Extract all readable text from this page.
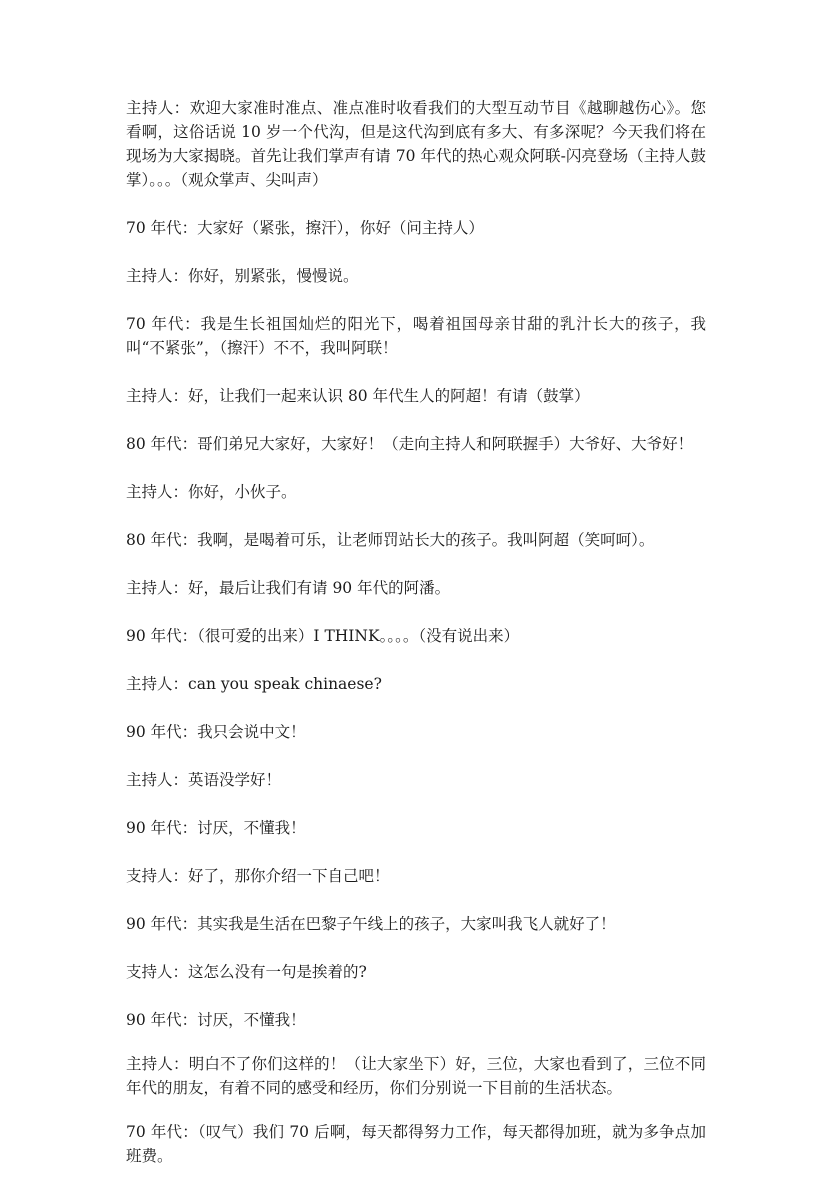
主持人：欢迎大家准时准点、准点准时收看我们的大型互动节目《越聊越伤心》。您看啊，这俗话说 10 岁一个代沟，但是这代沟到底有多大、有多深呢？今天我们将在现场为大家揭晓。首先让我们掌声有请 70 年代的热心观众阿联-闪亮登场（主持人鼓掌）。。。（观众掌声、尖叫声）

70 年代：大家好（紧张，擦汗），你好（问主持人）

主持人：你好，别紧张，慢慢说。

70 年代：我是生长祖国灿烂的阳光下，喝着祖国母亲甘甜的乳汁长大的孩子，我叫“不紧张”，（擦汗）不不，我叫阿联！

主持人：好，让我们一起来认识 80 年代生人的阿超！有请（鼓掌）

80 年代：哥们弟兄大家好，大家好！（走向主持人和阿联握手）大爷好、大爷好！

主持人：你好，小伙子。

80 年代：我啊，是喝着可乐，让老师罚站长大的孩子。我叫阿超（笑呵呵）。

主持人：好，最后让我们有请 90 年代的阿潘。

90 年代：（很可爱的出来）I THINK。。。。（没有说出来）

主持人：can you speak chinaese?

90 年代：我只会说中文！

主持人：英语没学好！

90 年代：讨厌，不懂我！

支持人：好了，那你介绍一下自己吧！

90 年代：其实我是生活在巴黎子午线上的孩子，大家叫我飞人就好了！

支持人：这怎么没有一句是挨着的?

90 年代：讨厌，不懂我！

主持人：明白不了你们这样的！（让大家坐下）好，三位，大家也看到了，三位不同年代的朋友，有着不同的感受和经历，你们分别说一下目前的生活状态。

70 年代：（叹气）我们 70 后啊，每天都得努力工作，每天都得加班，就为多争点加班费。
